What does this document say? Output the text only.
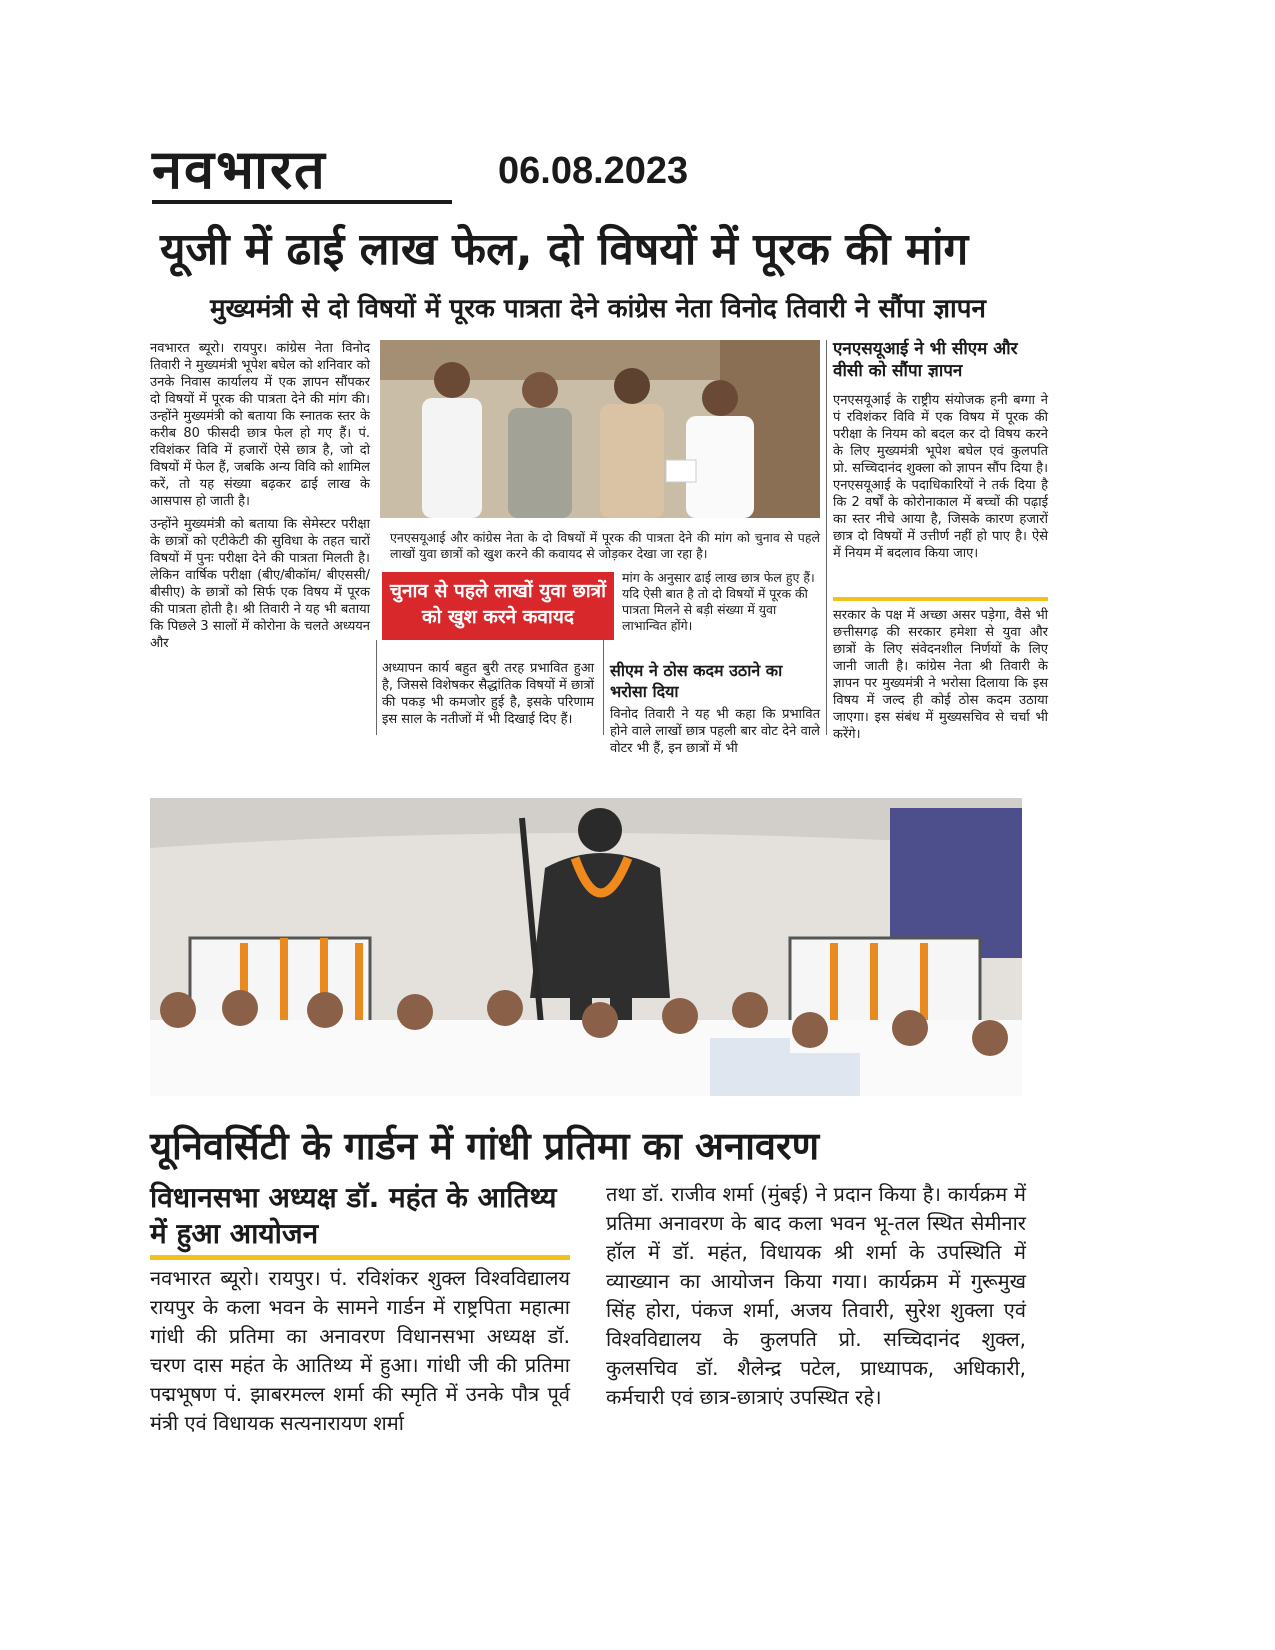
नवभारत	06.08.2023
यूजी में ढाई लाख फेल, दो विषयों में पूरक की मांग
मुख्यमंत्री से दो विषयों में पूरक पात्रता देने कांग्रेस नेता विनोद तिवारी ने सौंपा ज्ञापन

नवभारत ब्यूरो। रायपुर। कांग्रेस नेता विनोद तिवारी ने मुख्यमंत्री भूपेश बघेल को शनिवार को उनके निवास कार्यालय में एक ज्ञापन सौंपकर दो विषयों में पूरक की पात्रता देने की मांग की। उन्होंने मुख्यमंत्री को बताया कि स्नातक स्तर के करीब 80 फीसदी छात्र फेल हो गए हैं। पं. रविशंकर विवि में हजारों ऐसे छात्र है, जो दो विषयों में फेल हैं, जबकि अन्य विवि को शामिल करें, तो यह संख्या बढ़कर ढाई लाख के आसपास हो जाती है।

उन्होंने मुख्यमंत्री को बताया कि सेमेस्टर परीक्षा के छात्रों को एटीकेटी की सुविधा के तहत चारों विषयों में पुनः परीक्षा देने की पात्रता मिलती है। लेकिन वार्षिक परीक्षा (बीए/बीकॉम/ बीएससी/बीसीए) के छात्रों को सिर्फ एक विषय में पूरक की पात्रता होती है। श्री तिवारी ने यह भी बताया कि पिछले 3 सालों में कोरोना के चलते अध्ययन और

एनएसयूआई और कांग्रेस नेता के दो विषयों में पूरक की पात्रता देने की मांग को चुनाव से पहले लाखों युवा छात्रों को खुश करने की कवायद से जोड़कर देखा जा रहा है।
चुनाव से पहले लाखों युवा छात्रों को खुश करने कवायद
मांग के अनुसार ढाई लाख छात्र फेल हुए हैं। यदि ऐसी बात है तो दो विषयों में पूरक की पात्रता मिलने से बड़ी संख्या में युवा लाभान्वित होंगे।
अध्यापन कार्य बहुत बुरी तरह प्रभावित हुआ है, जिससे विशेषकर सैद्धांतिक विषयों में छात्रों की पकड़ भी कमजोर हुई है, इसके परिणाम इस साल के नतीजों में भी दिखाई दिए हैं।
सीएम ने ठोस कदम उठाने का भरोसा दिया
विनोद तिवारी ने यह भी कहा कि प्रभावित होने वाले लाखों छात्र पहली बार वोट देने वाले वोटर भी हैं, इन छात्रों में भी
एनएसयूआई ने भी सीएम और वीसी को सौंपा ज्ञापन
एनएसयूआई के राष्ट्रीय संयोजक हनी बग्गा ने पं रविशंकर विवि में एक विषय में पूरक की परीक्षा के नियम को बदल कर दो विषय करने के लिए मुख्यमंत्री भूपेश बघेल एवं कुलपति प्रो. सच्चिदानंद शुक्ला को ज्ञापन सौंप दिया है। एनएसयूआई के पदाधिकारियों ने तर्क दिया है कि 2 वर्षों के कोरोनाकाल में बच्चों की पढ़ाई का स्तर नीचे आया है, जिसके कारण हजारों छात्र दो विषयों में उत्तीर्ण नहीं हो पाए है। ऐसे में नियम में बदलाव किया जाए।
सरकार के पक्ष में अच्छा असर पड़ेगा, वैसे भी छत्तीसगढ़ की सरकार हमेशा से युवा और छात्रों के लिए संवेदनशील निर्णयों के लिए जानी जाती है। कांग्रेस नेता श्री तिवारी के ज्ञापन पर मुख्यमंत्री ने भरोसा दिलाया कि इस विषय में जल्द ही कोई ठोस कदम उठाया जाएगा। इस संबंध में मुख्यसचिव से चर्चा भी करेंगे।
यूनिवर्सिटी के गार्डन में गांधी प्रतिमा का अनावरण
विधानसभा अध्यक्ष डॉ. महंत के आतिथ्य में हुआ आयोजन
नवभारत ब्यूरो। रायपुर। पं. रविशंकर शुक्ल विश्वविद्यालय रायपुर के कला भवन के सामने गार्डन में राष्ट्रपिता महात्मा गांधी की प्रतिमा का अनावरण विधानसभा अध्यक्ष डॉ. चरण दास महंत के आतिथ्य में हुआ। गांधी जी की प्रतिमा पद्मभूषण पं. झाबरमल्ल शर्मा की स्मृति में उनके पौत्र पूर्व मंत्री एवं विधायक सत्यनारायण शर्मा
तथा डॉ. राजीव शर्मा (मुंबई) ने प्रदान किया है। कार्यक्रम में प्रतिमा अनावरण के बाद कला भवन भू-तल स्थित सेमीनार हॉल में डॉ. महंत, विधायक श्री शर्मा के उपस्थिति में व्याख्यान का आयोजन किया गया। कार्यक्रम में गुरूमुख सिंह होरा, पंकज शर्मा, अजय तिवारी, सुरेश शुक्ला एवं विश्वविद्यालय के कुलपति प्रो. सच्चिदानंद शुक्ल, कुलसचिव डॉ. शैलेन्द्र पटेल, प्राध्यापक, अधिकारी, कर्मचारी एवं छात्र-छात्राएं उपस्थित रहे।
